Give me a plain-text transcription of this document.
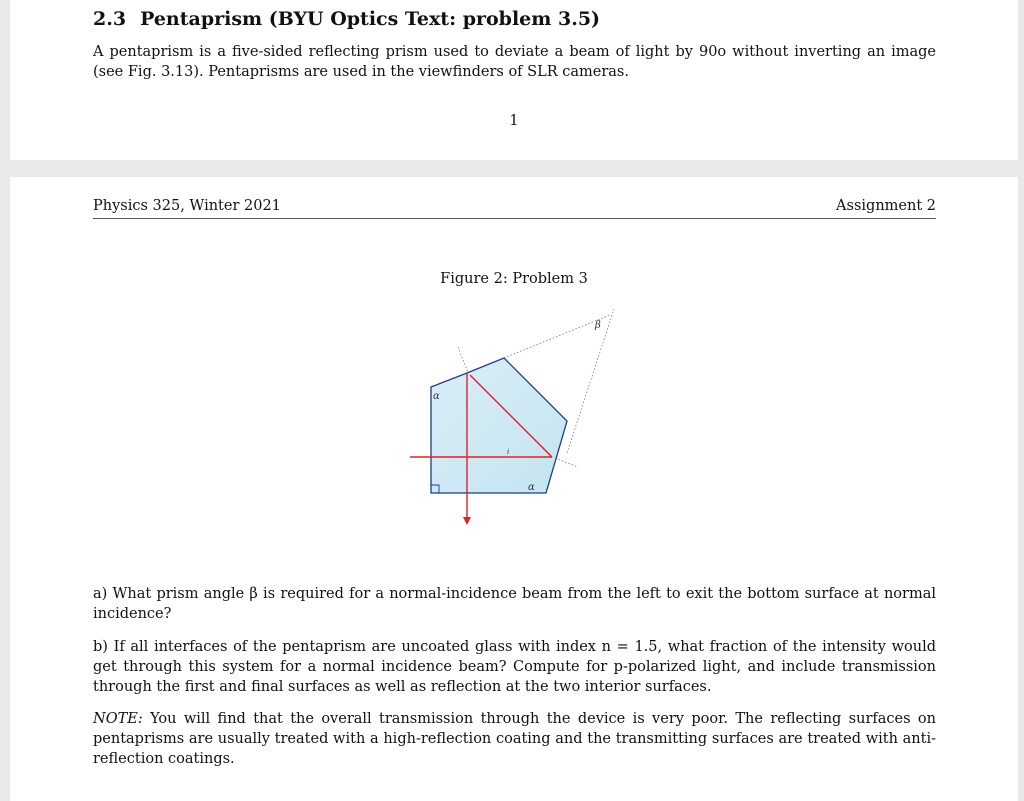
2.3 Pentaprism (BYU Optics Text: problem 3.5)

A pentaprism is a five-sided reflecting prism used to deviate a beam of light by 90o without inverting an image (see Fig. 3.13). Pentaprisms are used in the viewfinders of SLR cameras.

1
Physics 325, Winter 2021	Assignment 2
Figure 2: Problem 3
α
α
β
$_i$

a) What prism angle β is required for a normal-incidence beam from the left to exit the bottom surface at normal incidence?

b) If all interfaces of the pentaprism are uncoated glass with index n = 1.5, what fraction of the intensity would get through this system for a normal incidence beam? Compute for p-polarized light, and include transmission through the first and final surfaces as well as reflection at the two interior surfaces.

NOTE: You will find that the overall transmission through the device is very poor. The reflecting surfaces on pentaprisms are usually treated with a high-reflection coating and the transmitting surfaces are treated with anti-reflection coatings.
